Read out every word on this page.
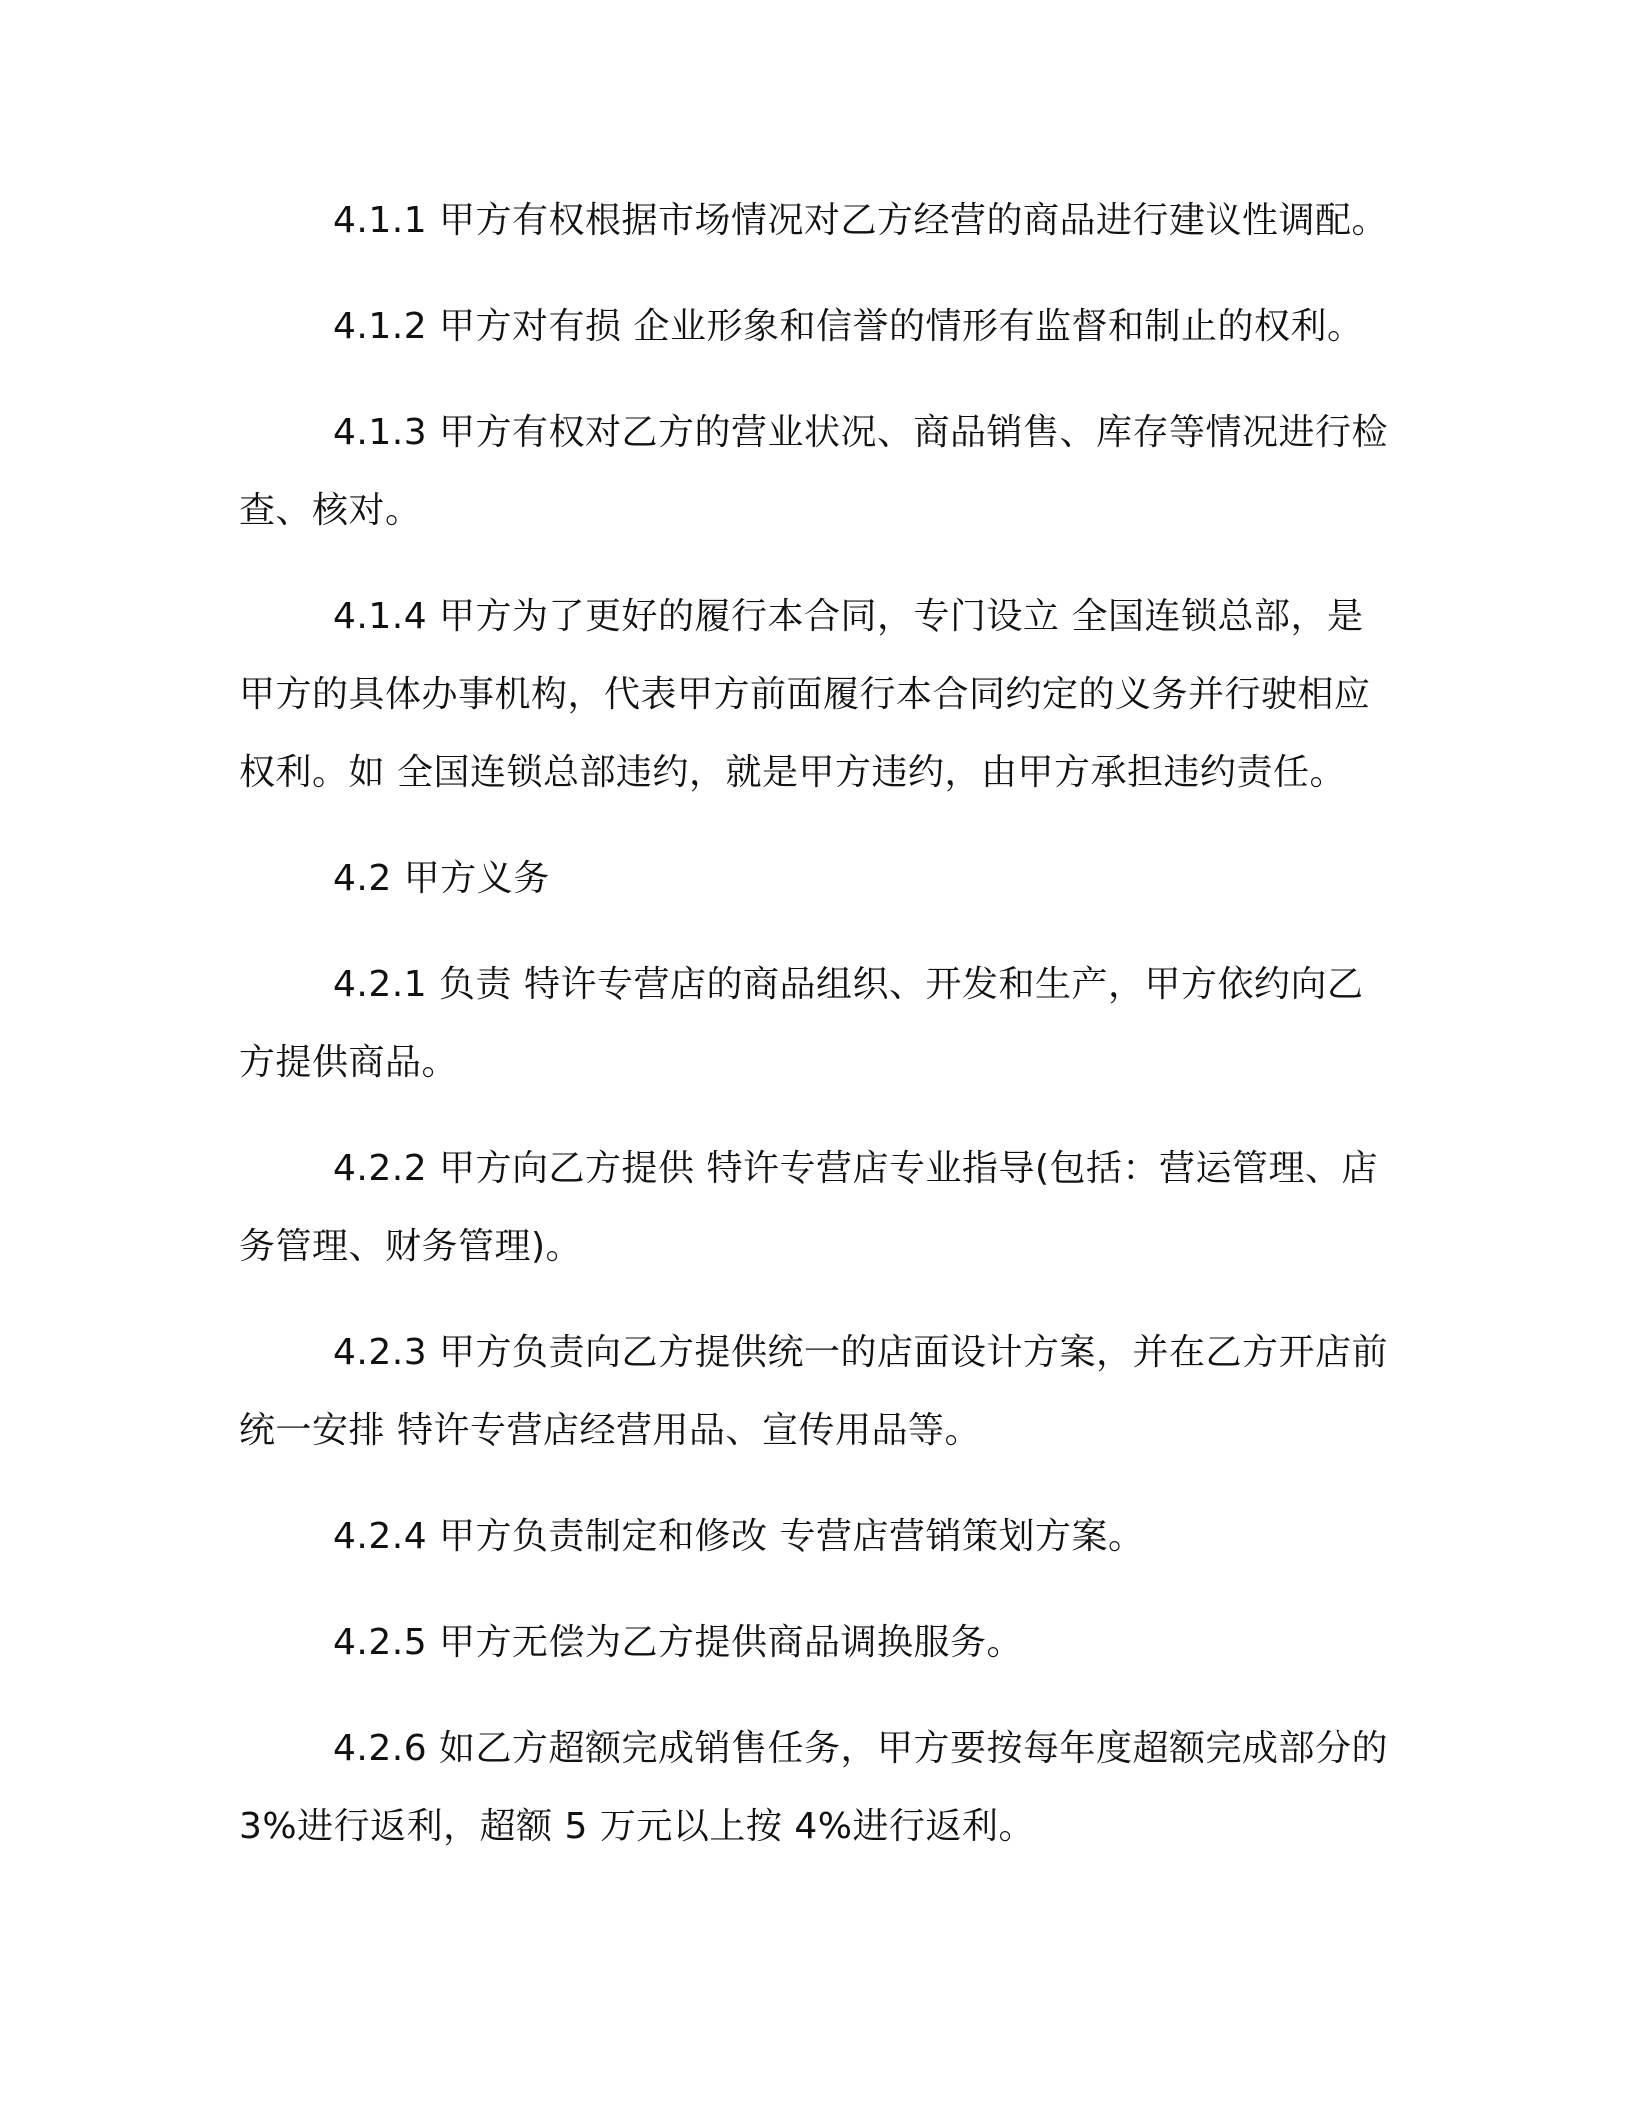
4.1.1 甲方有权根据市场情况对乙方经营的商品进行建议性调配。

4.1.2 甲方对有损 企业形象和信誉的情形有监督和制止的权利。

4.1.3 甲方有权对乙方的营业状况、商品销售、库存等情况进行检查、核对。

4.1.4 甲方为了更好的履行本合同，专门设立 全国连锁总部，是甲方的具体办事机构，代表甲方前面履行本合同约定的义务并行驶相应权利。如 全国连锁总部违约，就是甲方违约，由甲方承担违约责任。

4.2 甲方义务

4.2.1 负责 特许专营店的商品组织、开发和生产，甲方依约向乙方提供商品。

4.2.2 甲方向乙方提供 特许专营店专业指导(包括：营运管理、店务管理、财务管理)。

4.2.3 甲方负责向乙方提供统一的店面设计方案，并在乙方开店前统一安排 特许专营店经营用品、宣传用品等。

4.2.4 甲方负责制定和修改 专营店营销策划方案。

4.2.5 甲方无偿为乙方提供商品调换服务。

4.2.6 如乙方超额完成销售任务，甲方要按每年度超额完成部分的 3%进行返利，超额 5 万元以上按 4%进行返利。
